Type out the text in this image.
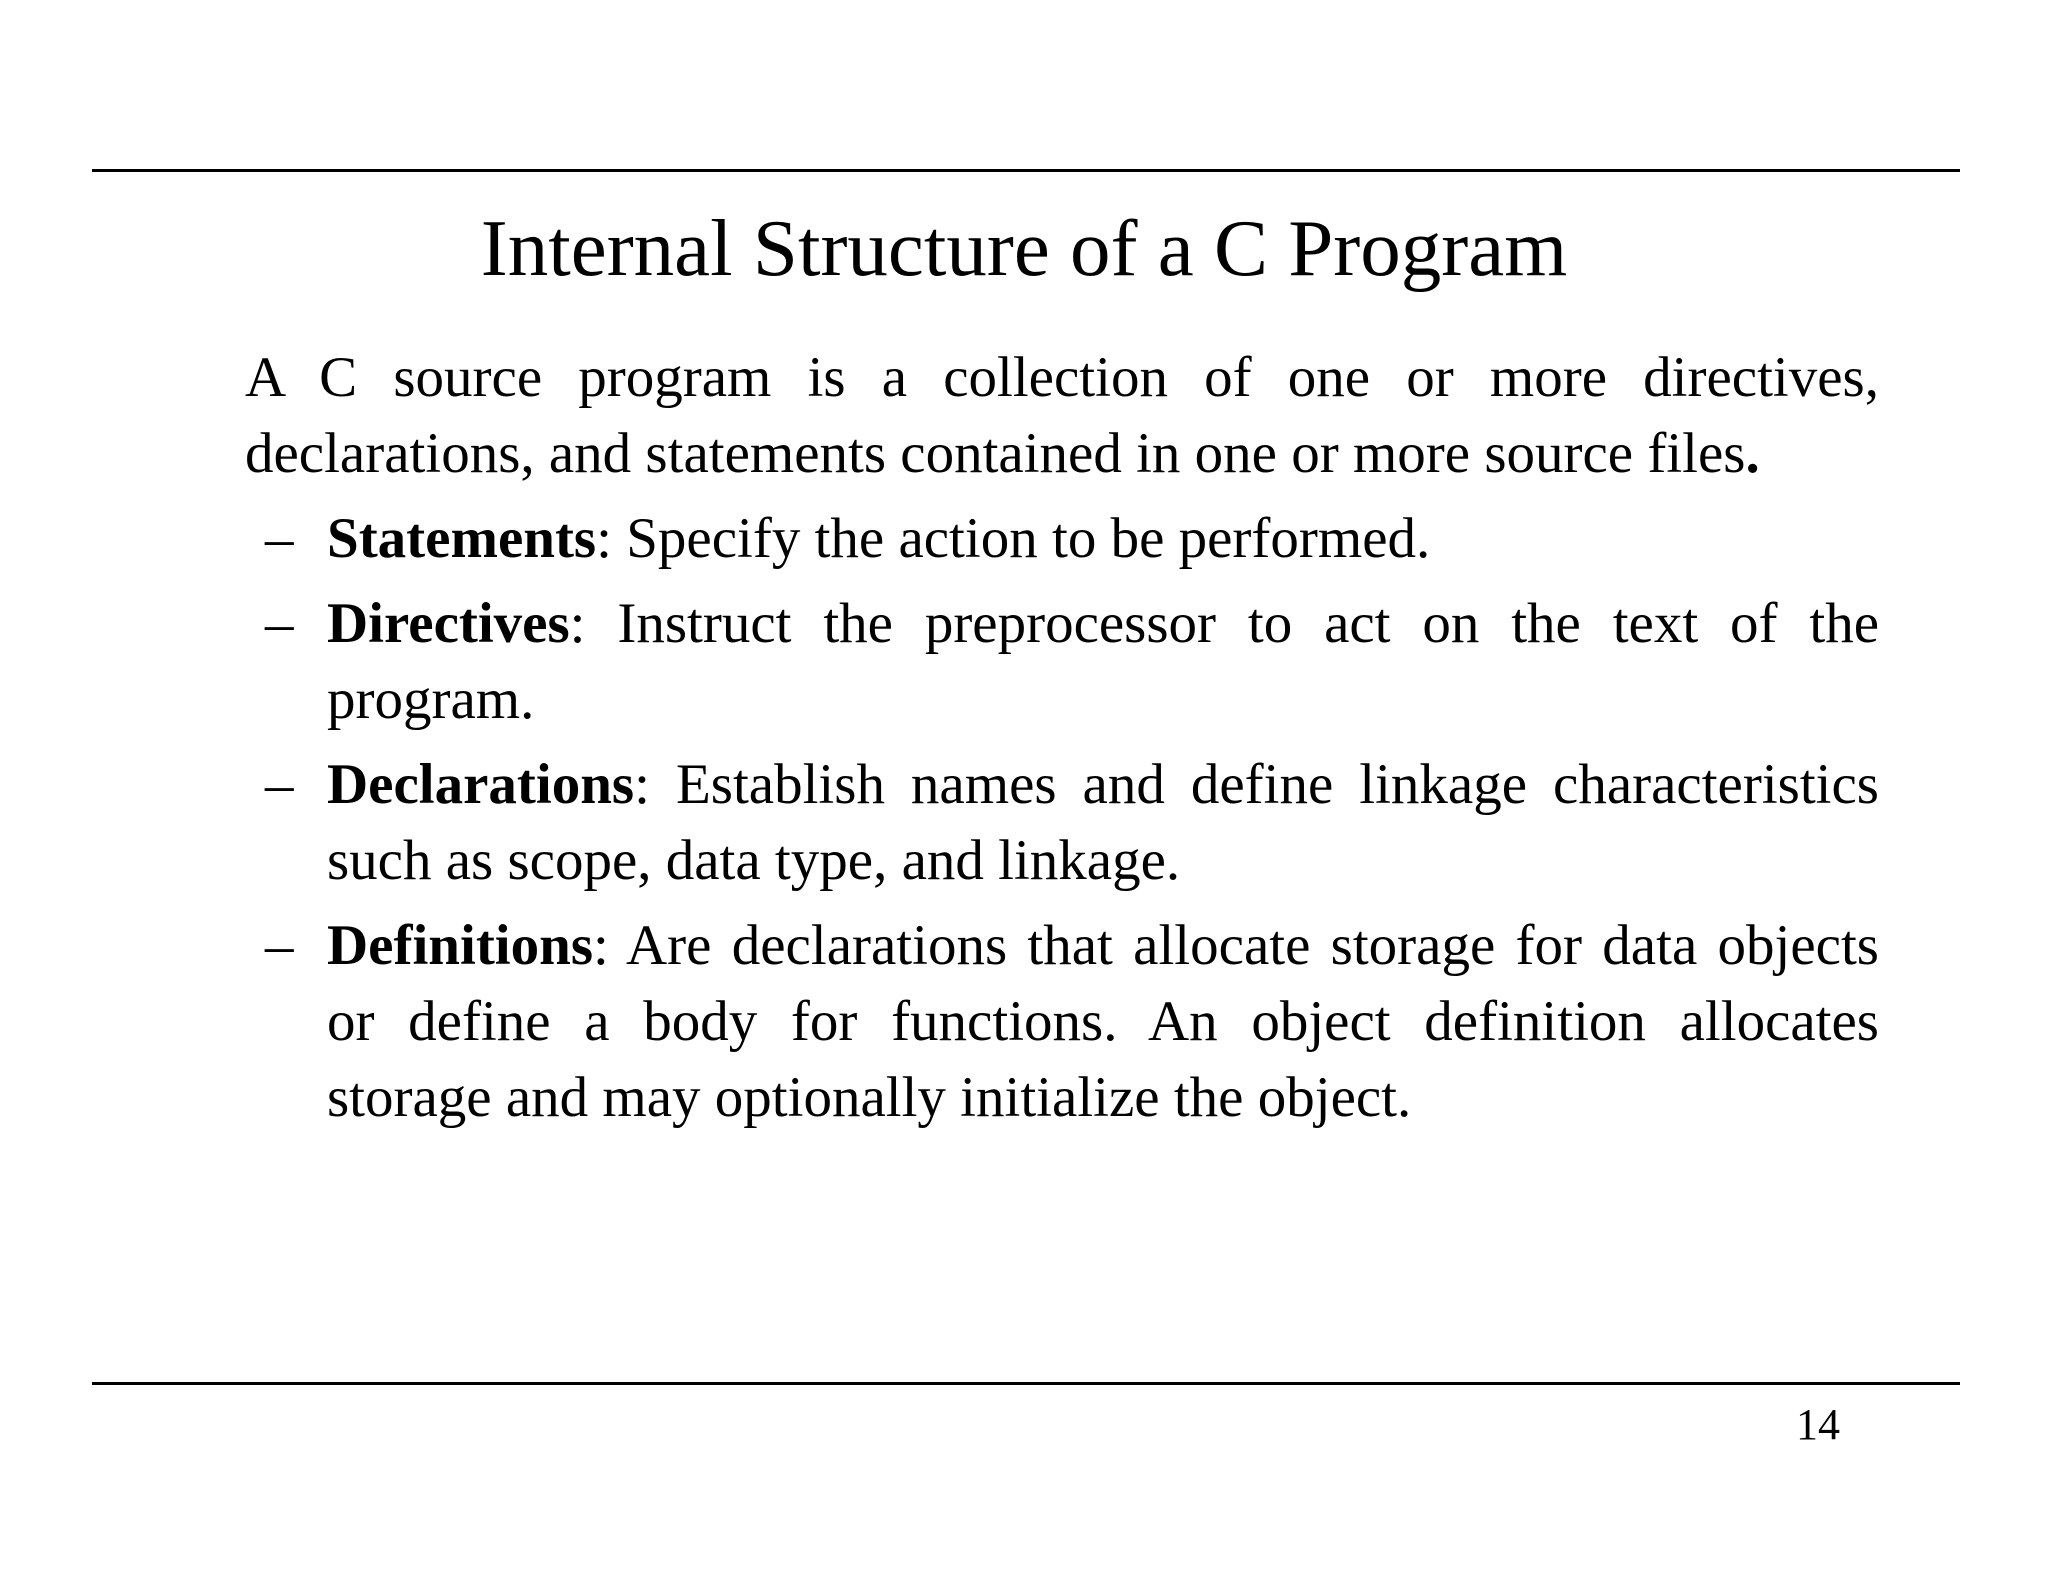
Internal Structure of a C Program

A C source program is a collection of one or more directives, declarations, and statements contained in one or more source files.

– Statements: Specify the action to be performed.
– Directives: Instruct the preprocessor to act on the text of the program.
– Declarations: Establish names and define linkage characteristics such as scope, data type, and linkage.
– Definitions: Are declarations that allocate storage for data objects or define a body for functions. An object definition allocates storage and may optionally initialize the object.
14
